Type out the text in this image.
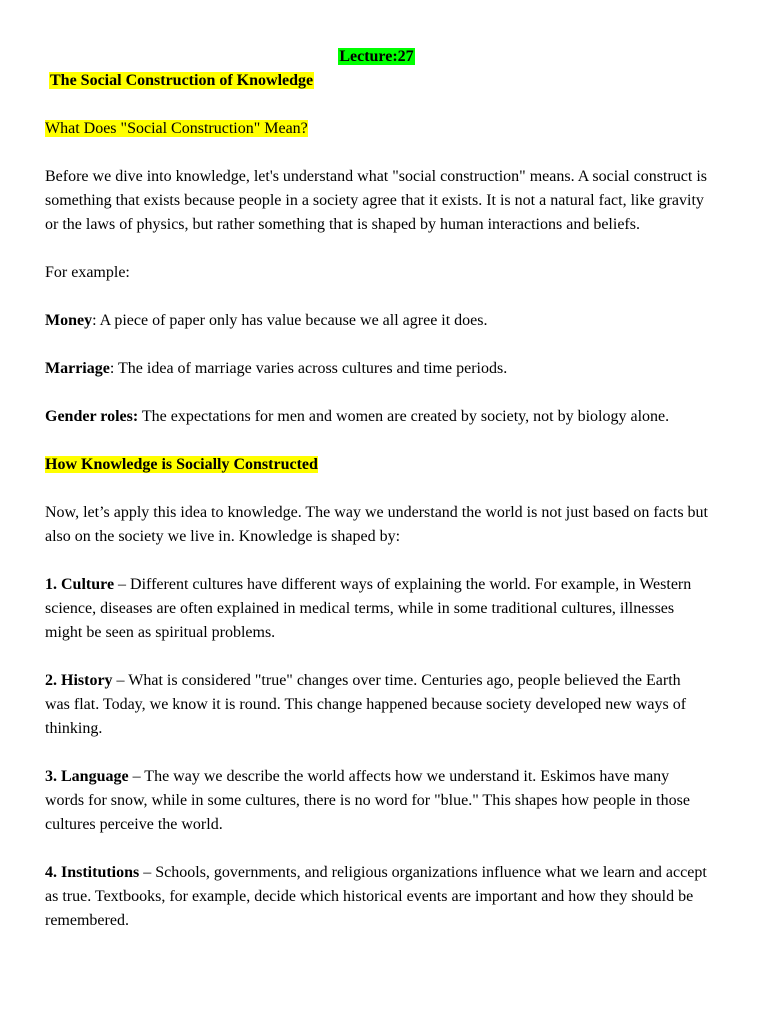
Lecture:27

The Social Construction of Knowledge

What Does "Social Construction" Mean?

Before we dive into knowledge, let's understand what "social construction" means. A social construct is something that exists because people in a society agree that it exists. It is not a natural fact, like gravity or the laws of physics, but rather something that is shaped by human interactions and beliefs.

For example:

Money: A piece of paper only has value because we all agree it does.

Marriage: The idea of marriage varies across cultures and time periods.

Gender roles: The expectations for men and women are created by society, not by biology alone.

How Knowledge is Socially Constructed

Now, let’s apply this idea to knowledge. The way we understand the world is not just based on facts but also on the society we live in. Knowledge is shaped by:

1. Culture – Different cultures have different ways of explaining the world. For example, in Western science, diseases are often explained in medical terms, while in some traditional cultures, illnesses might be seen as spiritual problems.

2. History – What is considered "true" changes over time. Centuries ago, people believed the Earth was flat. Today, we know it is round. This change happened because society developed new ways of thinking.

3. Language – The way we describe the world affects how we understand it. Eskimos have many words for snow, while in some cultures, there is no word for "blue." This shapes how people in those cultures perceive the world.

4. Institutions – Schools, governments, and religious organizations influence what we learn and accept as true. Textbooks, for example, decide which historical events are important and how they should be remembered.
